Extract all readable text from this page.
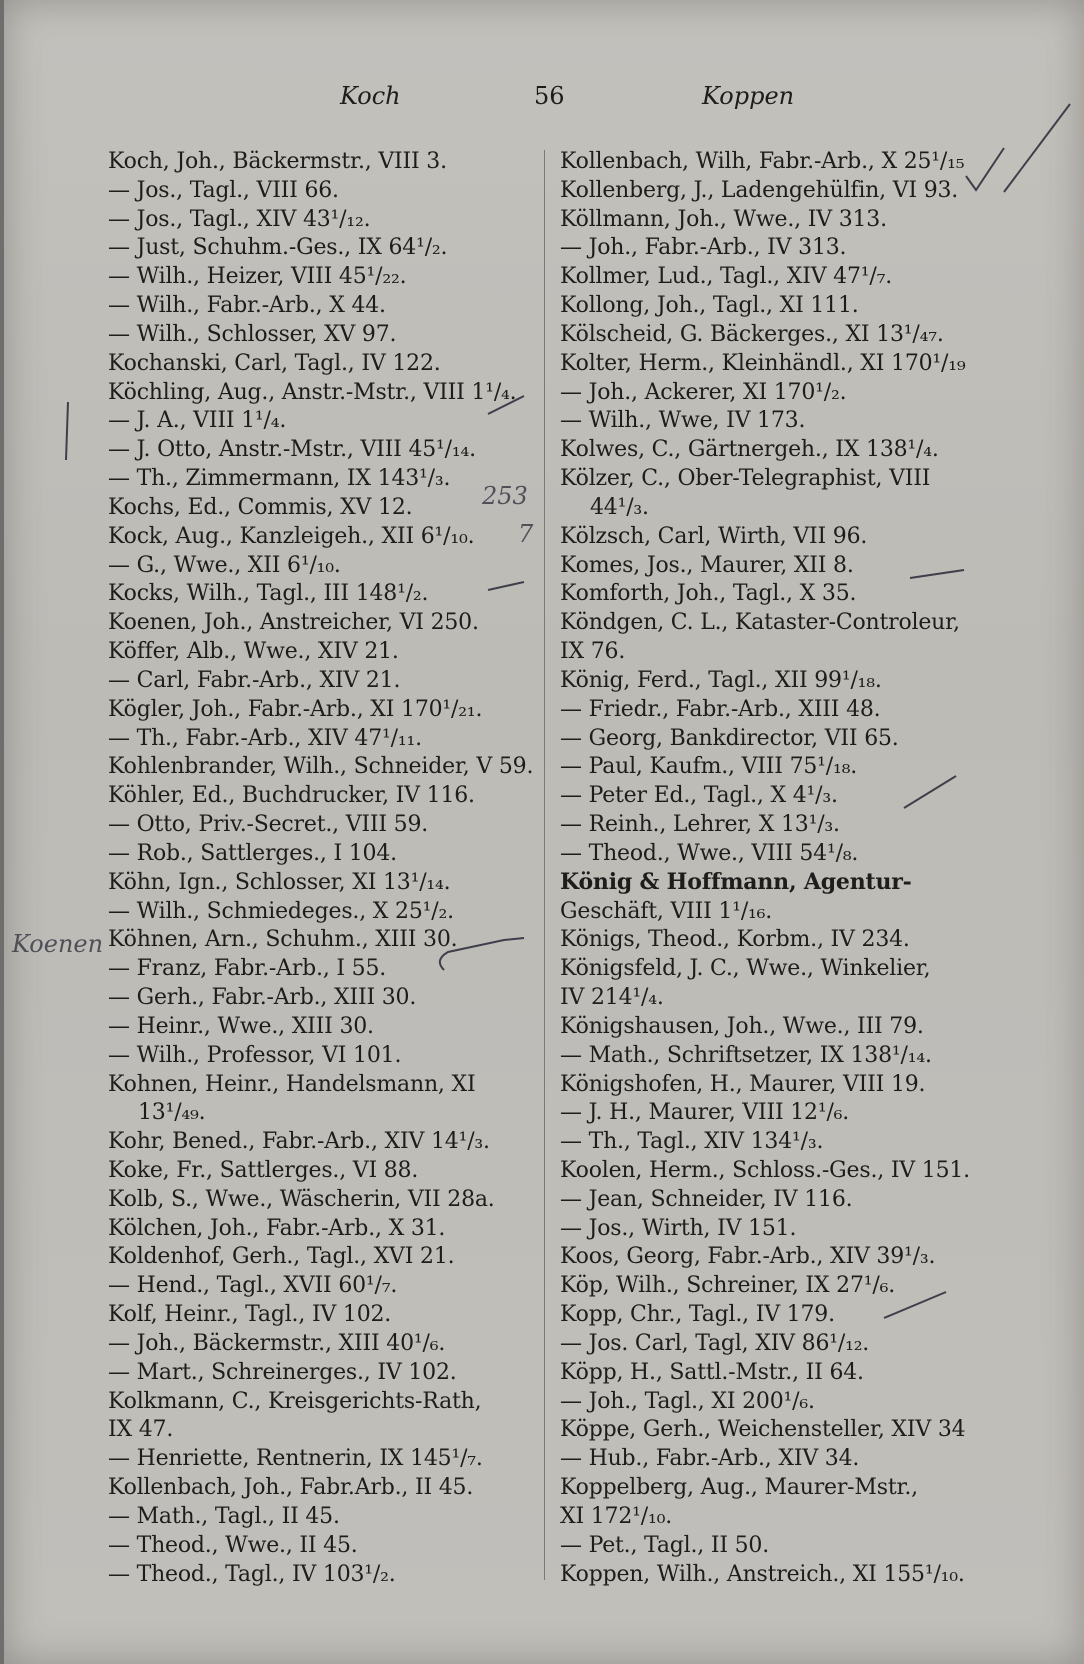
Koch	56	Koppen
Koch, Joh., Bäckermstr., VIII 3.
— Jos., Tagl., VIII 66.
— Jos., Tagl., XIV 43¹/₁₂.
— Just, Schuhm.-Ges., IX 64¹/₂.
— Wilh., Heizer, VIII 45¹/₂₂.
— Wilh., Fabr.-Arb., X 44.
— Wilh., Schlosser, XV 97.
Kochanski, Carl, Tagl., IV 122.
Köchling, Aug., Anstr.-Mstr., VIII 1¹/₄.
— J. A., VIII 1¹/₄.
— J. Otto, Anstr.-Mstr., VIII 45¹/₁₄.
— Th., Zimmermann, IX 143¹/₃.
Kochs, Ed., Commis, XV 12.
Kock, Aug., Kanzleigeh., XII 6¹/₁₀.
— G., Wwe., XII 6¹/₁₀.
Kocks, Wilh., Tagl., III 148¹/₂.
Koenen, Joh., Anstreicher, VI 250.
Köffer, Alb., Wwe., XIV 21.
— Carl, Fabr.-Arb., XIV 21.
Kögler, Joh., Fabr.-Arb., XI 170¹/₂₁.
— Th., Fabr.-Arb., XIV 47¹/₁₁.
Kohlenbrander, Wilh., Schneider, V 59.
Köhler, Ed., Buchdrucker, IV 116.
— Otto, Priv.-Secret., VIII 59.
— Rob., Sattlerges., I 104.
Köhn, Ign., Schlosser, XI 13¹/₁₄.
— Wilh., Schmiedeges., X 25¹/₂.
Köhnen, Arn., Schuhm., XIII 30.
— Franz, Fabr.-Arb., I 55.
— Gerh., Fabr.-Arb., XIII 30.
— Heinr., Wwe., XIII 30.
— Wilh., Professor, VI 101.
Kohnen, Heinr., Handelsmann, XI
13¹/₄₉.
Kohr, Bened., Fabr.-Arb., XIV 14¹/₃.
Koke, Fr., Sattlerges., VI 88.
Kolb, S., Wwe., Wäscherin, VII 28a.
Kölchen, Joh., Fabr.-Arb., X 31.
Koldenhof, Gerh., Tagl., XVI 21.
— Hend., Tagl., XVII 60¹/₇.
Kolf, Heinr., Tagl., IV 102.
— Joh., Bäckermstr., XIII 40¹/₆.
— Mart., Schreinerges., IV 102.
Kolkmann, C., Kreisgerichts-Rath,
IX 47.
— Henriette, Rentnerin, IX 145¹/₇.
Kollenbach, Joh., Fabr.Arb., II 45.
— Math., Tagl., II 45.
— Theod., Wwe., II 45.
— Theod., Tagl., IV 103¹/₂.
Kollenbach, Wilh, Fabr.-Arb., X 25¹/₁₅
Kollenberg, J., Ladengehülfin, VI 93.
Köllmann, Joh., Wwe., IV 313.
— Joh., Fabr.-Arb., IV 313.
Kollmer, Lud., Tagl., XIV 47¹/₇.
Kollong, Joh., Tagl., XI 111.
Kölscheid, G. Bäckerges., XI 13¹/₄₇.
Kolter, Herm., Kleinhändl., XI 170¹/₁₉
— Joh., Ackerer, XI 170¹/₂.
— Wilh., Wwe, IV 173.
Kolwes, C., Gärtnergeh., IX 138¹/₄.
Kölzer, C., Ober-Telegraphist, VIII
44¹/₃.
Kölzsch, Carl, Wirth, VII 96.
Komes, Jos., Maurer, XII 8.
Komforth, Joh., Tagl., X 35.
Köndgen, C. L., Kataster-Controleur,
IX 76.
König, Ferd., Tagl., XII 99¹/₁₈.
— Friedr., Fabr.-Arb., XIII 48.
— Georg, Bankdirector, VII 65.
— Paul, Kaufm., VIII 75¹/₁₈.
— Peter Ed., Tagl., X 4¹/₃.
— Reinh., Lehrer, X 13¹/₃.
— Theod., Wwe., VIII 54¹/₈.
König & Hoffmann, Agentur-
Geschäft, VIII 1¹/₁₆.
Königs, Theod., Korbm., IV 234.
Königsfeld, J. C., Wwe., Winkelier,
IV 214¹/₄.
Königshausen, Joh., Wwe., III 79.
— Math., Schriftsetzer, IX 138¹/₁₄.
Königshofen, H., Maurer, VIII 19.
— J. H., Maurer, VIII 12¹/₆.
— Th., Tagl., XIV 134¹/₃.
Koolen, Herm., Schloss.-Ges., IV 151.
— Jean, Schneider, IV 116.
— Jos., Wirth, IV 151.
Koos, Georg, Fabr.-Arb., XIV 39¹/₃.
Köp, Wilh., Schreiner, IX 27¹/₆.
Kopp, Chr., Tagl., IV 179.
— Jos. Carl, Tagl, XIV 86¹/₁₂.
Köpp, H., Sattl.-Mstr., II 64.
— Joh., Tagl., XI 200¹/₆.
Köppe, Gerh., Weichensteller, XIV 34
— Hub., Fabr.-Arb., XIV 34.
Koppelberg, Aug., Maurer-Mstr.,
XI 172¹/₁₀.
— Pet., Tagl., II 50.
Koppen, Wilh., Anstreich., XI 155¹/₁₀.
Koenen
253
7
